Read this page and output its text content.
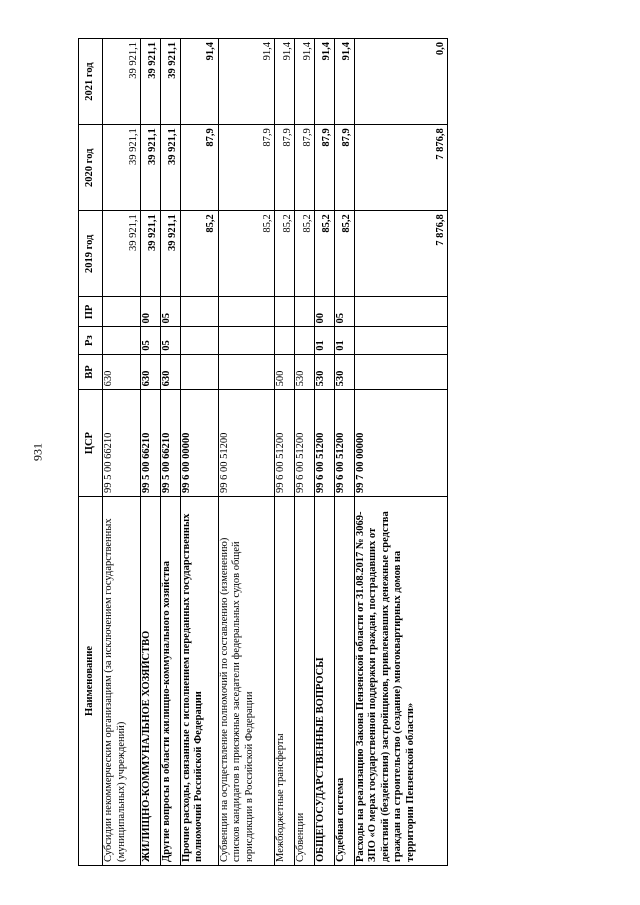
931
Наименование	ЦСР	ВР	Рз	ПР	2019 год	2020 год	2021 год
Субсидии некоммерческим организациям (за исключением государственных (муниципальных) учреждений)	99 5 00 66210	630			39 921,1	39 921,1	39 921,1
ЖИЛИЩНО-КОММУНАЛЬНОЕ ХОЗЯЙСТВО	99 5 00 66210	630	05	00	39 921,1	39 921,1	39 921,1
Другие вопросы в области жилищно-коммунального хозяйства	99 5 00 66210	630	05	05	39 921,1	39 921,1	39 921,1
Прочие расходы, связанные с исполнением переданных государственных полномочий Российской Федерации	99 6 00 00000				85,2	87,9	91,4
Субвенции на осуществление полномочий по составлению (изменению) списков кандидатов в присяжные заседатели федеральных судов общей юрисдикции в Российской Федерации	99 6 00 51200				85,2	87,9	91,4
Межбюджетные трансферты	99 6 00 51200	500			85,2	87,9	91,4
Субвенции	99 6 00 51200	530			85,2	87,9	91,4
ОБЩЕГОСУДАРСТВЕННЫЕ ВОПРОСЫ	99 6 00 51200	530	01	00	85,2	87,9	91,4
Судебная система	99 6 00 51200	530	01	05	85,2	87,9	91,4
Расходы на реализацию Закона Пензенской области от 31.08.2017 № 3069-ЗПО «О мерах государственной поддержки граждан, пострадавших от действий (бездействия) застройщиков, привлекавших денежные средства граждан на строительство (создание) многоквартирных домов на территории Пензенской области»	99 7 00 00000				7 876,8	7 876,8	0,0
